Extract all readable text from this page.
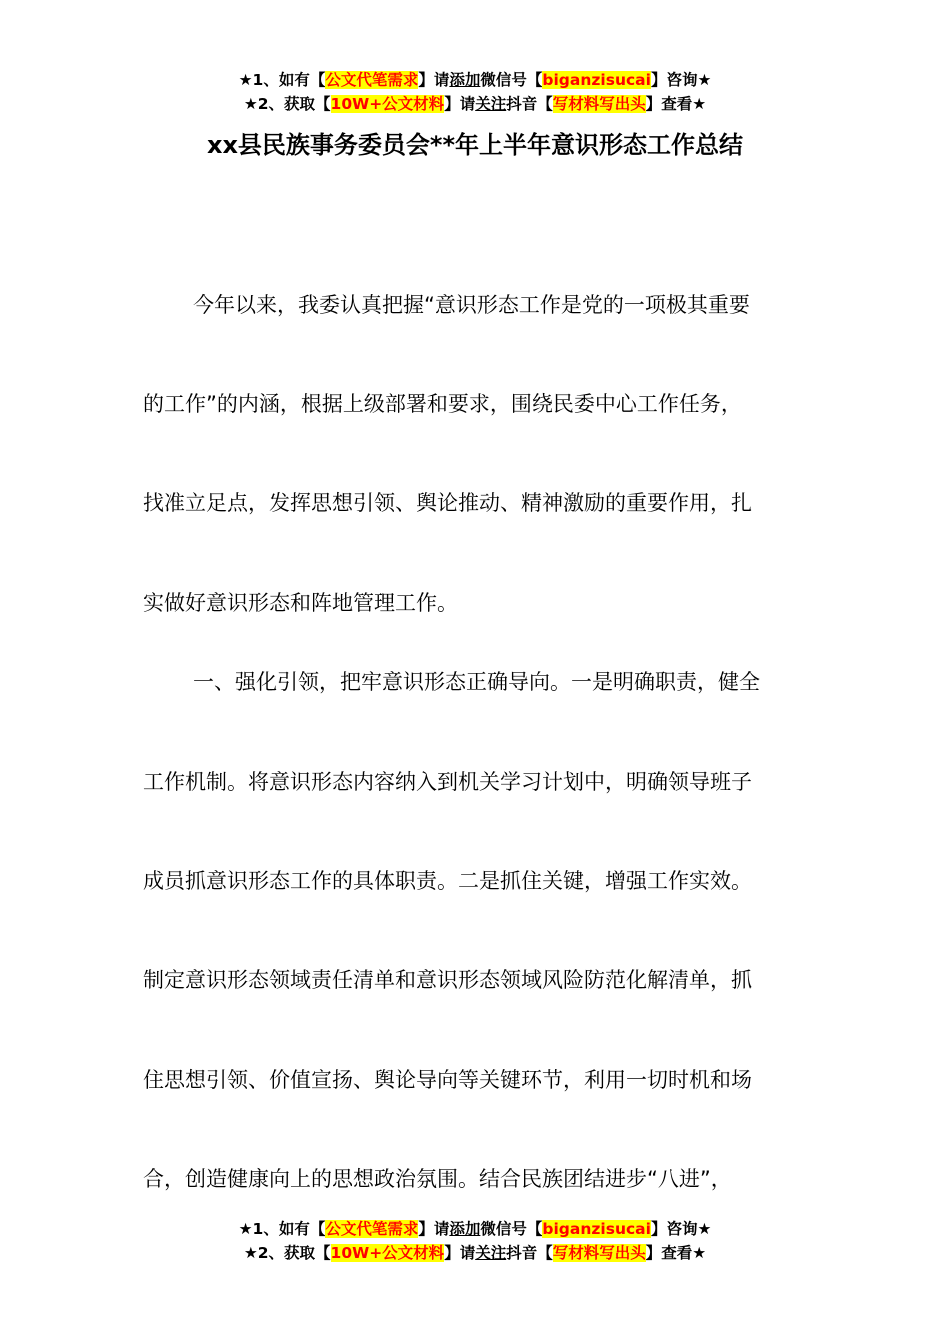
★1、如有【公文代笔需求】请添加微信号【biganzisucai】咨询★
★2、获取【10W+公文材料】请关注抖音【写材料写出头】查看★
xx县民族事务委员会**年上半年意识形态工作总结
今年以来，我委认真把握“意识形态工作是党的一项极其重要
的工作”的内涵，根据上级部署和要求，围绕民委中心工作任务，
找准立足点，发挥思想引领、舆论推动、精神激励的重要作用，扎
实做好意识形态和阵地管理工作。
一、强化引领，把牢意识形态正确导向。一是明确职责，健全
工作机制。将意识形态内容纳入到机关学习计划中，明确领导班子
成员抓意识形态工作的具体职责。二是抓住关键，增强工作实效。
制定意识形态领域责任清单和意识形态领域风险防范化解清单，抓
住思想引领、价值宣扬、舆论导向等关键环节，利用一切时机和场
合，创造健康向上的思想政治氛围。结合民族团结进步“八进”，
★1、如有【公文代笔需求】请添加微信号【biganzisucai】咨询★
★2、获取【10W+公文材料】请关注抖音【写材料写出头】查看★
